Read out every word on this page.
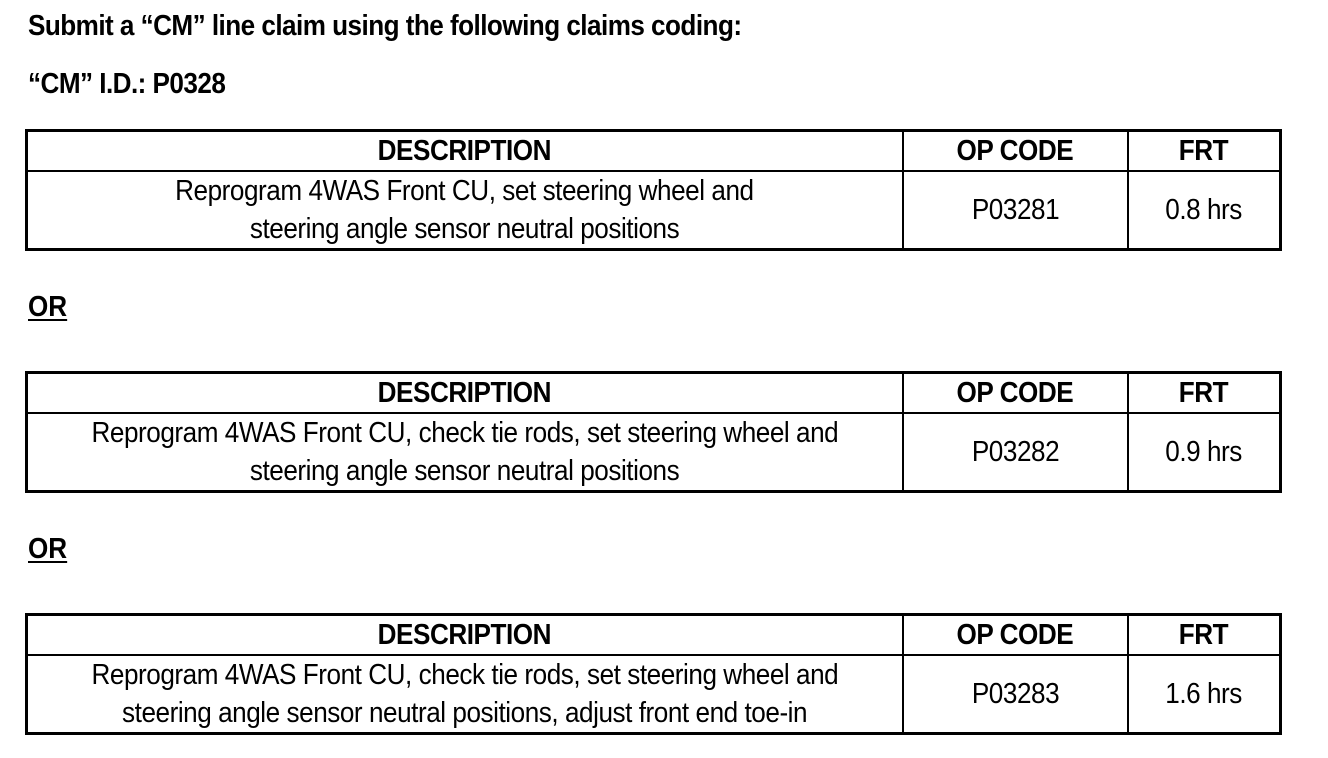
Submit a “CM” line claim using the following claims coding:

“CM” I.D.: P0328

DESCRIPTION	OP CODE	FRT
Reprogram 4WAS Front CU, set steering wheel and
steering angle sensor neutral positions	P03281	0.8 hrs

OR

DESCRIPTION	OP CODE	FRT
Reprogram 4WAS Front CU, check tie rods, set steering wheel and
steering angle sensor neutral positions	P03282	0.9 hrs

OR

DESCRIPTION	OP CODE	FRT
Reprogram 4WAS Front CU, check tie rods, set steering wheel and
steering angle sensor neutral positions, adjust front end toe-in	P03283	1.6 hrs
